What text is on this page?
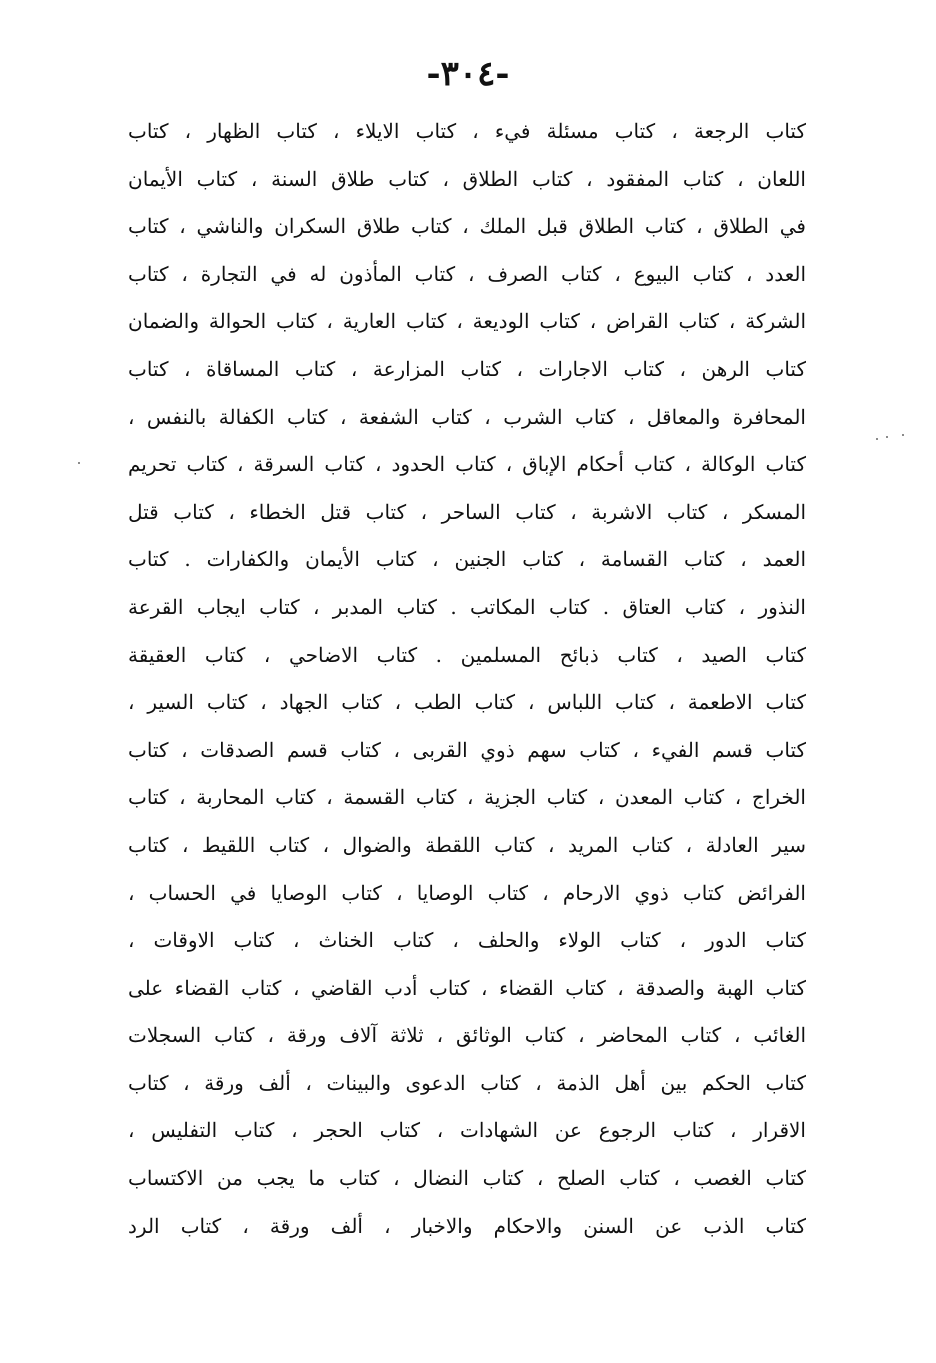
-٣٠٤-
كتاب الرجعة ، كتاب مسئلة فيء ، كتاب الايلاء ، كتاب الظهار ، كتاب
اللعان ، كتاب المفقود ، كتاب الطلاق ، كتاب طلاق السنة ، كتاب الأيمان
في الطلاق ، كتاب الطلاق قبل الملك ، كتاب طلاق السكران والناشي ، كتاب
العدد ، كتاب البيوع ، كتاب الصرف ، كتاب المأذون له في التجارة ، كتاب
الشركة ، كتاب القراض ، كتاب الوديعة ، كتاب العارية ، كتاب الحوالة والضمان
كتاب الرهن ، كتاب الاجارات ، كتاب المزارعة ، كتاب المساقاة ، كتاب
المحافرة والمعاقل ، كتاب الشرب ، كتاب الشفعة ، كتاب الكفالة بالنفس ،
كتاب الوكالة ، كتاب أحكام الإباق ، كتاب الحدود ، كتاب السرقة ، كتاب تحريم
المسكر ، كتاب الاشربة ، كتاب الساحر ، كتاب قتل الخطاء ، كتاب قتل
العمد ، كتاب القسامة ، كتاب الجنين ، كتاب الأيمان والكفارات . كتاب
النذور ، كتاب العتاق . كتاب المكاتب . كتاب المدبر ، كتاب ايجاب القرعة
كتاب الصيد ، كتاب ذبائح المسلمين . كتاب الاضاحي ، كتاب العقيقة
كتاب الاطعمة ، كتاب اللباس ، كتاب الطب ، كتاب الجهاد ، كتاب السير ،
كتاب قسم الفيء ، كتاب سهم ذوي القربى ، كتاب قسم الصدقات ، كتاب
الخراج ، كتاب المعدن ، كتاب الجزية ، كتاب القسمة ، كتاب المحاربة ، كتاب
سير العادلة ، كتاب المريد ، كتاب اللقطة والضوال ، كتاب اللقيط ، كتاب
الفرائض كتاب ذوي الارحام ، كتاب الوصايا ، كتاب الوصايا في الحساب ،
كتاب الدور ، كتاب الولاء والحلف ، كتاب الخناث ، كتاب الاوقات ،
كتاب الهبة والصدقة ، كتاب القضاء ، كتاب أدب القاضي ، كتاب القضاء على
الغائب ، كتاب المحاضر ، كتاب الوثائق ، ثلاثة آلاف ورقة ، كتاب السجلات
كتاب الحكم بين أهل الذمة ، كتاب الدعوى والبينات ، ألف ورقة ، كتاب
الاقرار ، كتاب الرجوع عن الشهادات ، كتاب الحجر ، كتاب التفليس ،
كتاب الغصب ، كتاب الصلح ، كتاب النضال ، كتاب ما يجب من الاكتساب
كتاب الذب عن السنن والاحكام والاخبار ، ألف ورقة ، كتاب الرد
